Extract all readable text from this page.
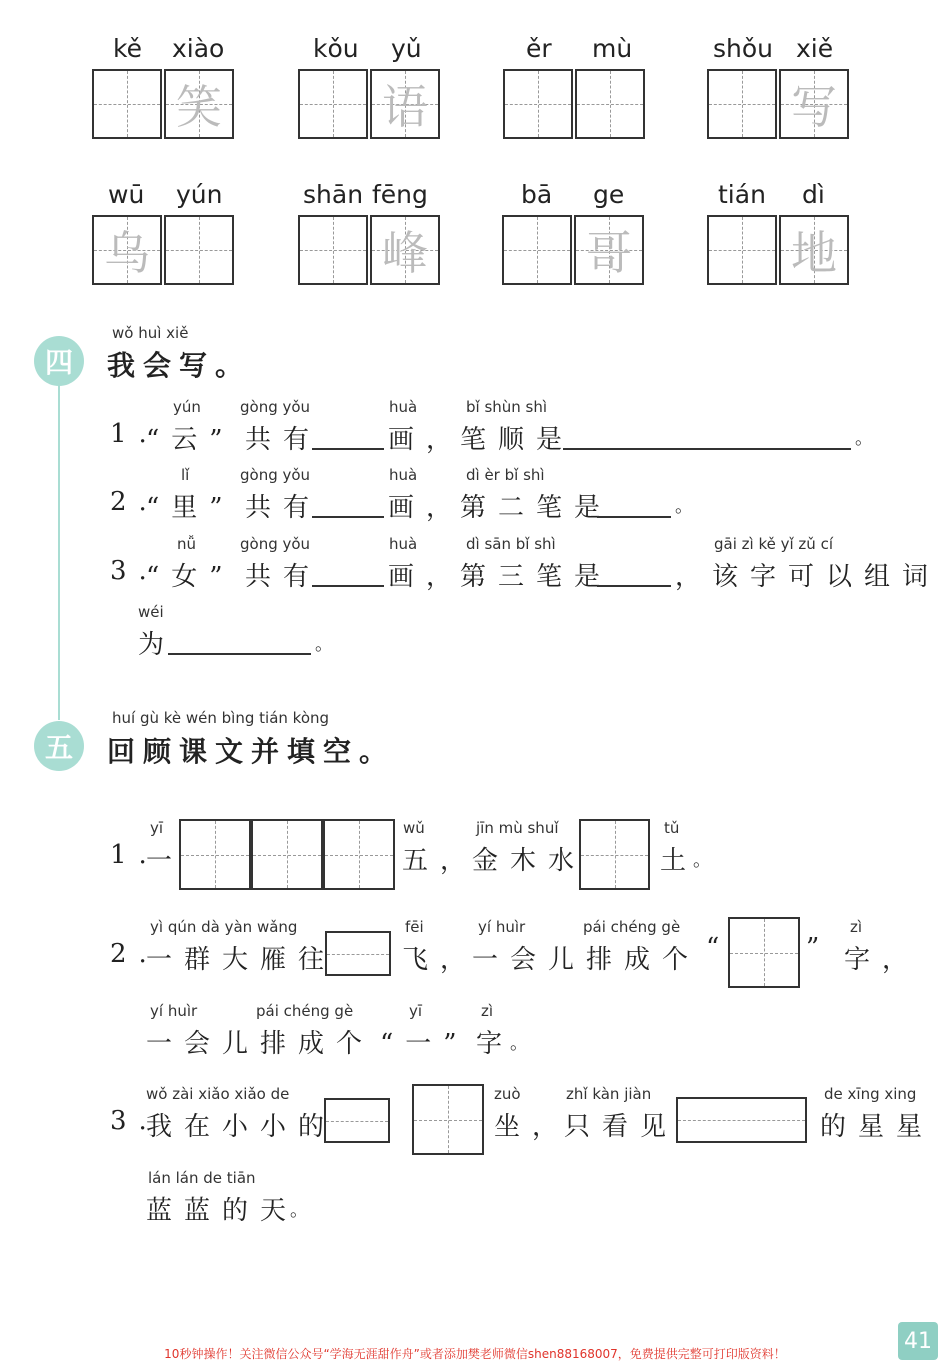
kě xiào
笑
kǒu yǔ
语
ěr mù	shǒu xiě
写
wū yún
乌
shān fēng
峰
bā ge
哥
tián dì
地
四
wǒ huì xiě
我会写。
yún	gòng yǒu	huà	bǐ shùn shì
1.
“云” 共有	画，
笔顺是	。
lǐ	gòng yǒu	huà	dì èr bǐ shì
2.
“里” 共有	画，
第二笔是	。
nǚ	gòng yǒu	huà	dì sān bǐ shì	gāi zì kě yǐ zǔ cí
3.
“女” 共有	画，
第三笔是 ，
该字可以组词
wéi
为	。
五
huí gù kè wén bìng tián kòng
回顾课文并填空。
yī
1.
一
wǔ
五，
jīn mù shuǐ
金木水
tǔ
土
。
yì qún dà yàn wǎng
2.
一群大雁往
fēi
飞，
yí huìr	pái chéng gè
一会儿排成个 “	”
zì
字，
yí huìr	pái chéng gè	yī	zì
一会儿排成个 “一” 字
。
wǒ zài xiǎo xiǎo de
3.
我在小小的
zuò
坐，
zhǐ kàn jiàn
只看见
de xīng xing
的星星
lán lán de tiān
蓝蓝的天
。
41
10秒钟操作！关注微信公众号“学海无涯甜作舟”或者添加樊老师微信shen88168007，免费提供完整可打印版资料！
